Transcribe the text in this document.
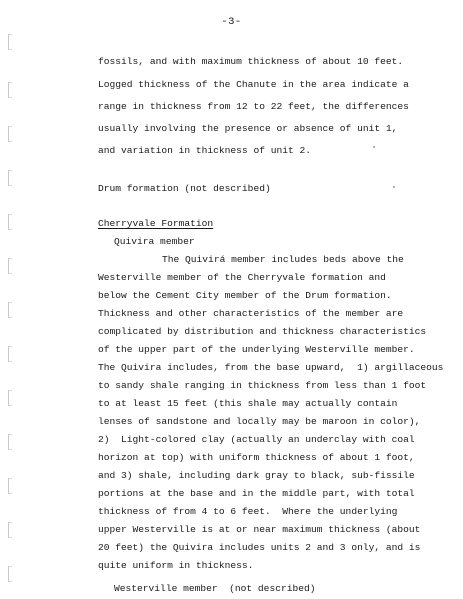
-3-
fossils, and with maximum thickness of about 10 feet.
Logged thickness of the Chanute in the area indicate a
range in thickness from 12 to 22 feet, the differences
usually involving the presence or absence of unit 1,
and variation in thickness of unit 2.
Drum formation (not described)
Cherryvale Formation
Quivira member
The Quivirá member includes beds above the
Westerville member of the Cherryvale formation and
below the Cement City member of the Drum formation.
Thickness and other characteristics of the member are
complicated by distribution and thickness characteristics
of the upper part of the underlying Westerville member.
The Quivira includes, from the base upward,  1) argillaceous
to sandy shale ranging in thickness from less than 1 foot
to at least 15 feet (this shale may actually contain
lenses of sandstone and locally may be maroon in color),
2)  Light-colored clay (actually an underclay with coal
horizon at top) with uniform thickness of about 1 foot,
and 3) shale, including dark gray to black, sub-fissile
portions at the base and in the middle part, with total
thickness of from 4 to 6 feet.  Where the underlying
upper Westerville is at or near maximum thickness (about
20 feet) the Quivira includes units 2 and 3 only, and is
quite uniform in thickness.
Westerville member  (not described)
